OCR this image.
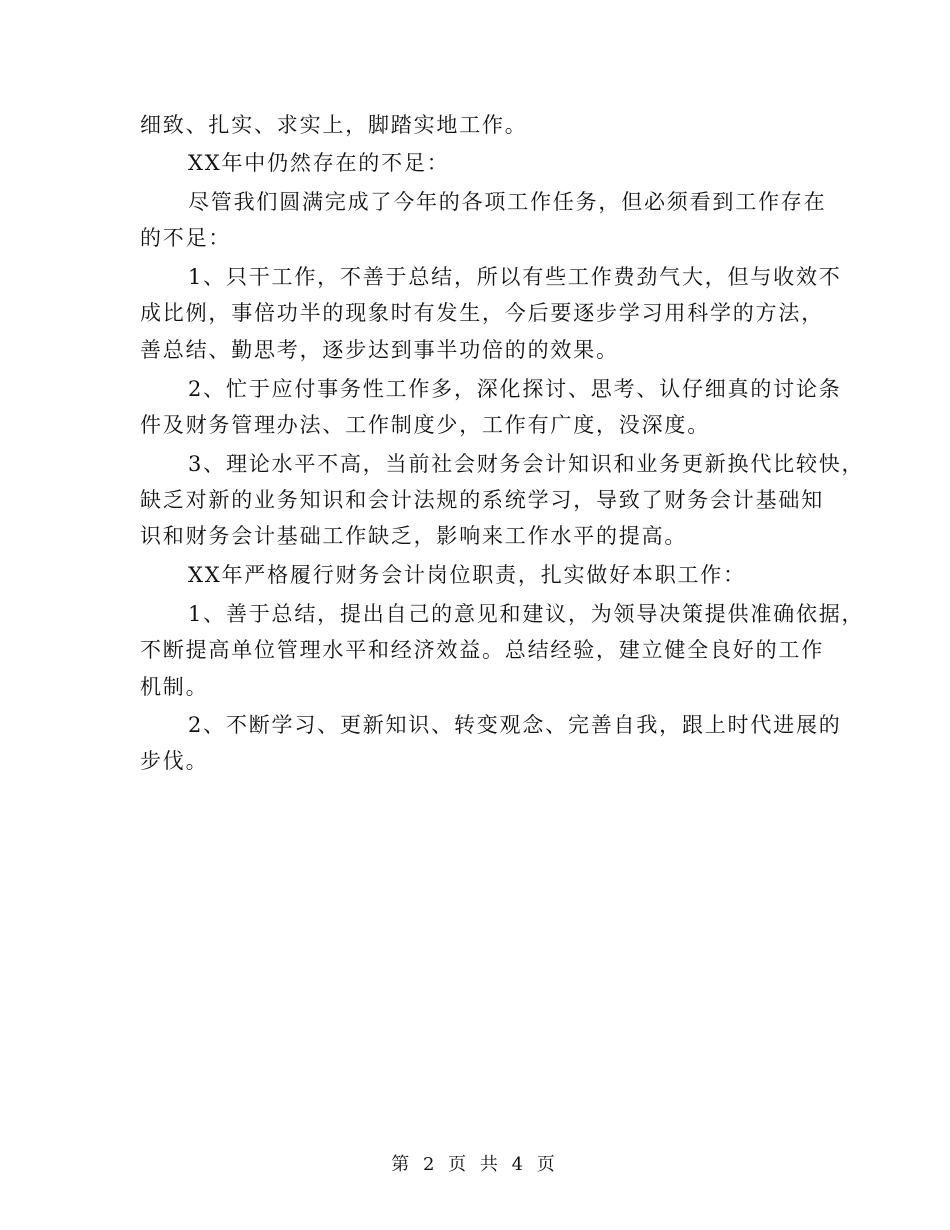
细致、扎实、求实上，脚踏实地工作。
XX年中仍然存在的不足：
尽管我们圆满完成了今年的各项工作任务，但必须看到工作存在
的不足：
1、只干工作，不善于总结，所以有些工作费劲气大，但与收效不
成比例，事倍功半的现象时有发生，今后要逐步学习用科学的方法，
善总结、勤思考，逐步达到事半功倍的的效果。
2、忙于应付事务性工作多，深化探讨、思考、认仔细真的讨论条
件及财务管理办法、工作制度少，工作有广度，没深度。
3、理论水平不高，当前社会财务会计知识和业务更新换代比较快，
缺乏对新的业务知识和会计法规的系统学习，导致了财务会计基础知
识和财务会计基础工作缺乏，影响来工作水平的提高。
XX年严格履行财务会计岗位职责，扎实做好本职工作：
1、善于总结，提出自己的意见和建议，为领导决策提供准确依据，
不断提高单位管理水平和经济效益。总结经验，建立健全良好的工作
机制。
2、不断学习、更新知识、转变观念、完善自我，跟上时代进展的
步伐。
第 2 页 共 4 页
